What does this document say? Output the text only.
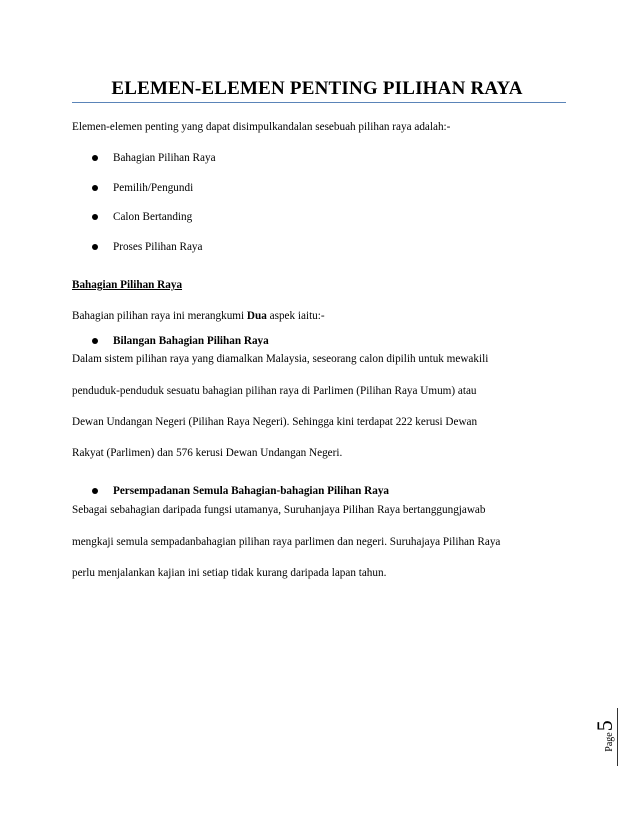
ELEMEN-ELEMEN PENTING PILIHAN RAYA
Elemen-elemen penting yang dapat disimpulkandalan sesebuah pilihan raya adalah:-
Bahagian Pilihan Raya
Pemilih/Pengundi
Calon Bertanding
Proses Pilihan Raya
Bahagian Pilihan Raya
Bahagian pilihan raya ini merangkumi Dua aspek iaitu:-
Bilangan Bahagian Pilihan Raya
Dalam sistem pilihan raya yang diamalkan Malaysia, seseorang calon dipilih untuk mewakili
penduduk-penduduk sesuatu bahagian pilihan raya di Parlimen (Pilihan Raya Umum) atau
Dewan Undangan Negeri (Pilihan Raya Negeri). Sehingga kini terdapat 222 kerusi Dewan
Rakyat (Parlimen) dan 576 kerusi Dewan Undangan Negeri.
Persempadanan Semula Bahagian-bahagian Pilihan Raya
Sebagai sebahagian daripada fungsi utamanya, Suruhanjaya Pilihan Raya bertanggungjawab
mengkaji semula sempadanbahagian pilihan raya parlimen dan negeri. Suruhajaya Pilihan Raya
perlu menjalankan kajian ini setiap tidak kurang daripada lapan tahun.
Page
5
